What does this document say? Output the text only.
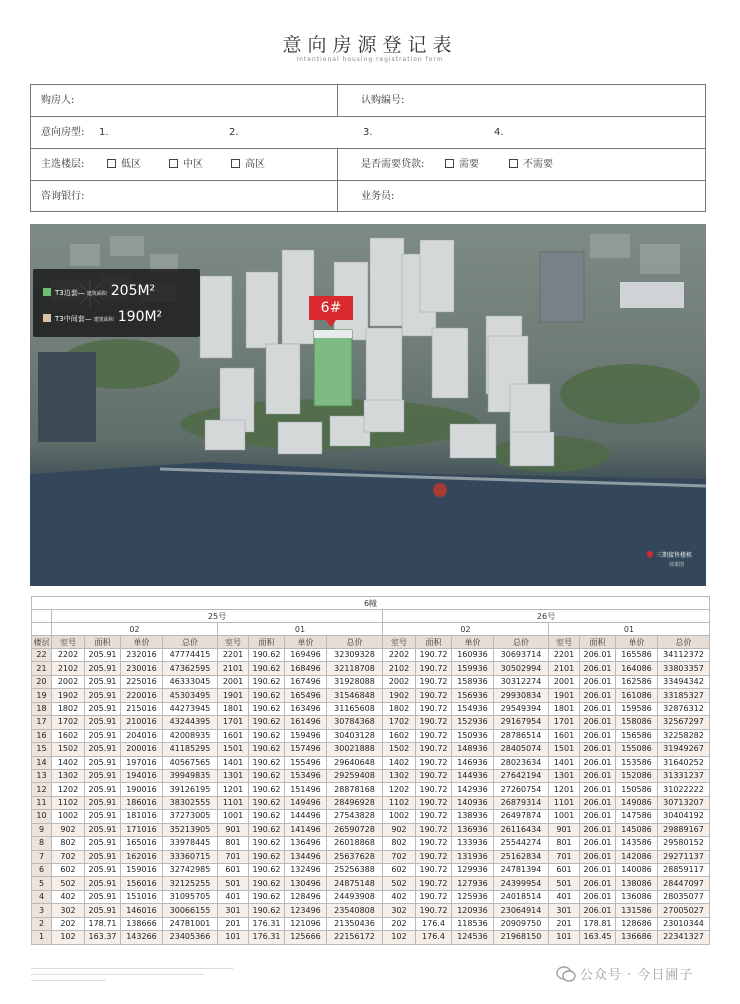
意向房源登记表
Intentional housing registration form
购房人:	认购编号:
意向房型: 1.	2.	3.	4.
主选楼层:	低区	中区	高区	是否需要贷款:	需要	不需要
咨询银行:	业务员:
6#
三期接售楼栋
效果图
T3边套— 建筑面积 205M²
T3中间套— 建筑面积 190M²
6幢																
	25号								26号							
	02				01				02				01			
楼层	室号	面积	单价	总价	室号	面积	单价	总价	室号	面积	单价	总价	室号	面积	单价	总价
22	2202	205.91	232016	47774415	2201	190.62	169496	32309328	2202	190.72	160936	30693714	2201	206.01	165586	34112372
21	2102	205.91	230016	47362595	2101	190.62	168496	32118708	2102	190.72	159936	30502994	2101	206.01	164086	33803357
20	2002	205.91	225016	46333045	2001	190.62	167496	31928088	2002	190.72	158936	30312274	2001	206.01	162586	33494342
19	1902	205.91	220016	45303495	1901	190.62	165496	31546848	1902	190.72	156936	29930834	1901	206.01	161086	33185327
18	1802	205.91	215016	44273945	1801	190.62	163496	31165608	1802	190.72	154936	29549394	1801	206.01	159586	32876312
17	1702	205.91	210016	43244395	1701	190.62	161496	30784368	1702	190.72	152936	29167954	1701	206.01	158086	32567297
16	1602	205.91	204016	42008935	1601	190.62	159496	30403128	1602	190.72	150936	28786514	1601	206.01	156586	32258282
15	1502	205.91	200016	41185295	1501	190.62	157496	30021888	1502	190.72	148936	28405074	1501	206.01	155086	31949267
14	1402	205.91	197016	40567565	1401	190.62	155496	29640648	1402	190.72	146936	28023634	1401	206.01	153586	31640252
13	1302	205.91	194016	39949835	1301	190.62	153496	29259408	1302	190.72	144936	27642194	1301	206.01	152086	31331237
12	1202	205.91	190016	39126195	1201	190.62	151496	28878168	1202	190.72	142936	27260754	1201	206.01	150586	31022222
11	1102	205.91	186016	38302555	1101	190.62	149496	28496928	1102	190.72	140936	26879314	1101	206.01	149086	30713207
10	1002	205.91	181016	37273005	1001	190.62	144496	27543828	1002	190.72	138936	26497874	1001	206.01	147586	30404192
9	902	205.91	171016	35213905	901	190.62	141496	26590728	902	190.72	136936	26116434	901	206.01	145086	29889167
8	802	205.91	165016	33978445	801	190.62	136496	26018868	802	190.72	133936	25544274	801	206.01	143586	29580152
7	702	205.91	162016	33360715	701	190.62	134496	25637628	702	190.72	131936	25162834	701	206.01	142086	29271137
6	602	205.91	159016	32742985	601	190.62	132496	25256388	602	190.72	129936	24781394	601	206.01	140086	28859117
5	502	205.91	156016	32125255	501	190.62	130496	24875148	502	190.72	127936	24399954	501	206.01	138086	28447097
4	402	205.91	151016	31095705	401	190.62	128496	24493908	402	190.72	125936	24018514	401	206.01	136086	28035077
3	302	205.91	146016	30066155	301	190.62	123496	23540808	302	190.72	120936	23064914	301	206.01	131586	27005027
2	202	178.71	138666	24781001	201	176.31	121096	21350436	202	176.4	118536	20909750	201	178.81	128686	23010344
1	102	163.37	143266	23405366	101	176.31	125666	22156172	102	176.4	124536	21968150	101	163.45	136686	22341327
────────────────────────────────────────────────────────────────────────────────────
────────────────────────────────────────────────────────────────────────
───────────────────────────────	公众号 · 今日圃子
